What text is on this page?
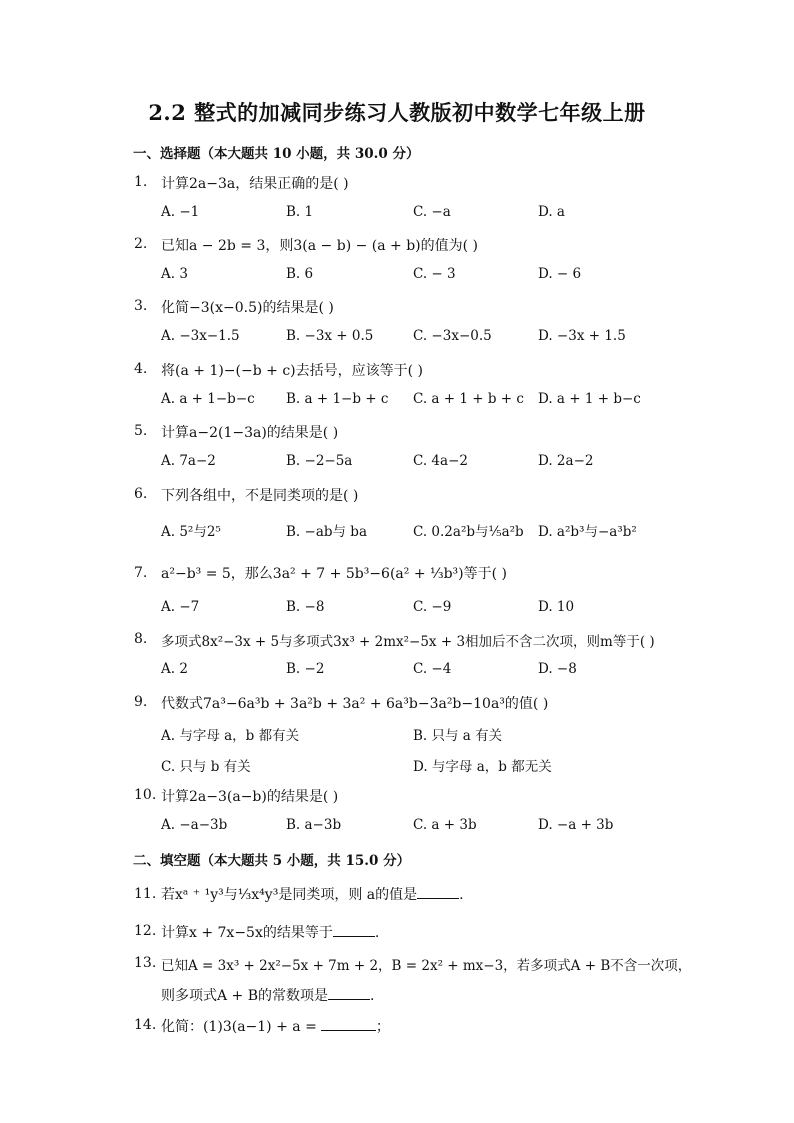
2.2 整式的加减同步练习人教版初中数学七年级上册
一、选择题（本大题共 10 小题，共 30.0 分）
1. 计算2a−3a，结果正确的是( )
A. −1	B. 1	C. −a	D. a
2. 已知a − 2b = 3，则3(a − b) − (a + b)的值为( )
A. 3	B. 6	C. − 3	D. − 6
3. 化简−3(x−0.5)的结果是( )
A. −3x−1.5	B. −3x + 0.5	C. −3x−0.5	D. −3x + 1.5
4. 将(a + 1)−(−b + c)去括号，应该等于( )
A. a + 1−b−c B. a + 1−b + c C. a + 1 + b + c D. a + 1 + b−c
5. 计算a−2(1−3a)的结果是( )
A. 7a−2	B. −2−5a	C. 4a−2	D. 2a−2
6. 下列各组中，不是同类项的是( )
A. 5²与2⁵	B. −ab与 ba	C. 0.2a²b与⅕a²b D. a²b³与−a³b²
7. a²−b³ = 5，那么3a² + 7 + 5b³−6(a² + ⅓b³)等于( )
A. −7	B. −8	C. −9	D. 10
8. 多项式8x²−3x + 5与多项式3x³ + 2mx²−5x + 3相加后不含二次项，则m等于( )
A. 2	B. −2	C. −4	D. −8
9. 代数式7a³−6a³b + 3a²b + 3a² + 6a³b−3a²b−10a³的值( )
A. 与字母 a，b 都有关	B. 只与 a 有关
C. 只与 b 有关	D. 与字母 a，b 都无关
10. 计算2a−3(a−b)的结果是( )
A. −a−3b	B. a−3b	C. a + 3b	D. −a + 3b
二、填空题（本大题共 5 小题，共 15.0 分）
11. 若xᵃ ⁺ ¹y³与⅓x⁴y³是同类项，则 a的值是	.
12. 计算x + 7x−5x的结果等于	.
13. 已知A = 3x³ + 2x²−5x + 7m + 2，B = 2x² + mx−3，若多项式A + B不含一次项，
则多项式A + B的常数项是	.
14. 化简：(1)3(a−1) + a =	；
